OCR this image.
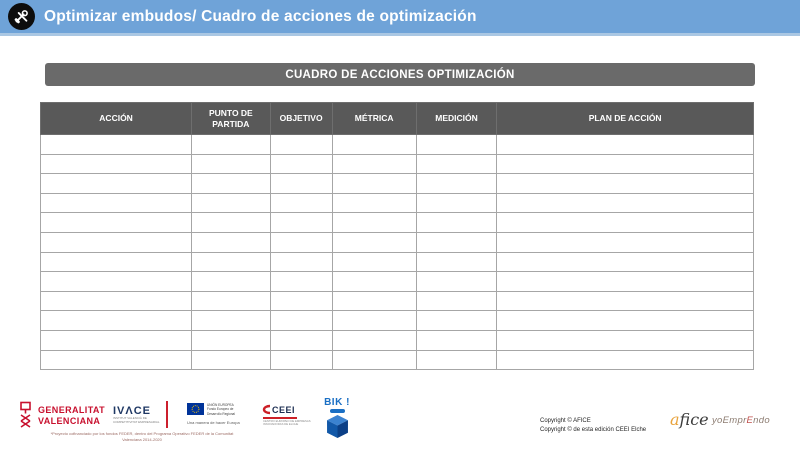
Optimizar embudos/ Cuadro de acciones de optimización
CUADRO DE ACCIONES OPTIMIZACIÓN
ACCIÓN	PUNTO DE PARTIDA	OBJETIVO	MÉTRICA	MEDICIÓN	PLAN DE ACCIÓN

GENERALITAT
VALENCIANA
IVΛCE
INSTITUT VALENCIÀ DE
COMPETITIVITAT EMPRESARIAL
UNIÓN EUROPEA
Fondo Europeo de
Desarrollo Regional
Una manera de hacer Europa
CEEI
CENTRO EUROPEO DE EMPRESAS
INNOVADORAS DE ELCHE
BIK !
*Proyecto cofinanciado por los fondos FEDER, dentro del Programa Operativo FEDER de la Comunitat
Valenciana 2014-2020
Copyright © AFICE
Copyright © de esta edición CEEI Elche
afice yoEmprEndo
